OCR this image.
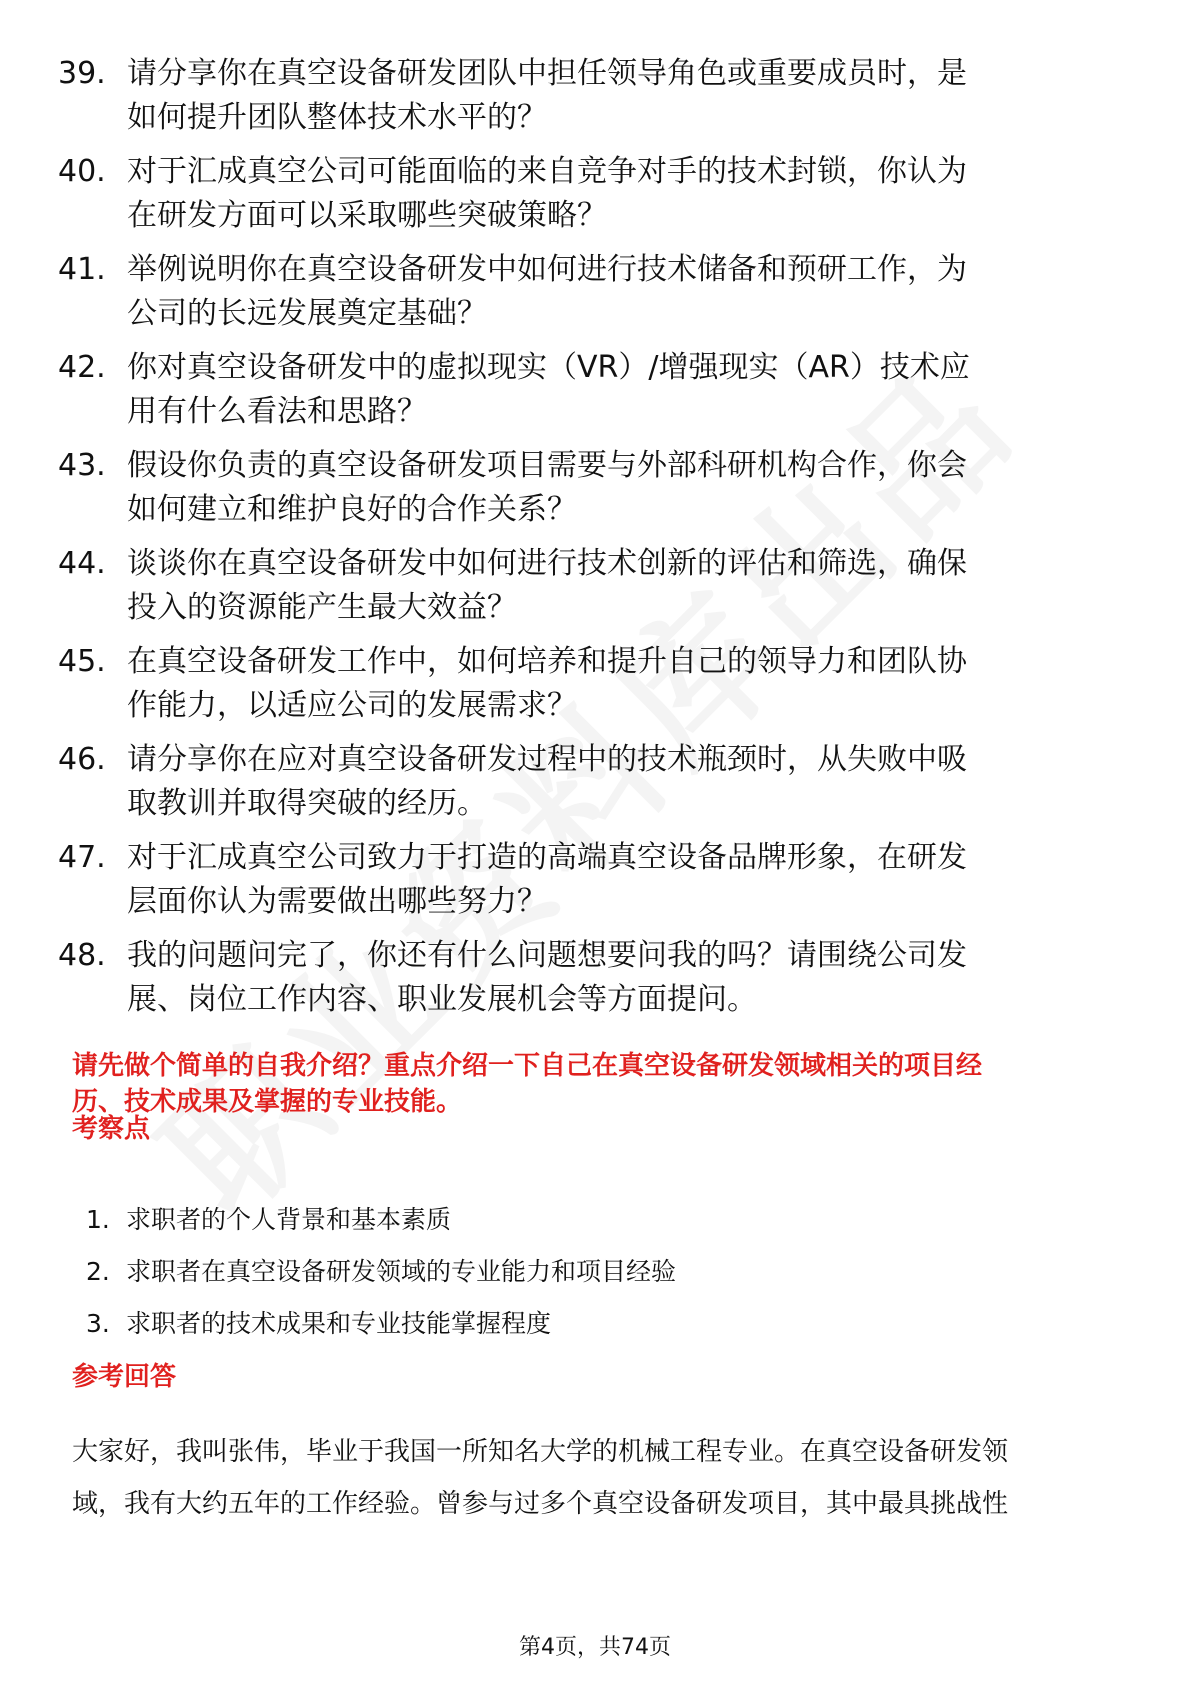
39. 请分享你在真空设备研发团队中担任领导角色或重要成员时，是
如何提升团队整体技术水平的？
40. 对于汇成真空公司可能面临的来自竞争对手的技术封锁，你认为
在研发方面可以采取哪些突破策略？
41. 举例说明你在真空设备研发中如何进行技术储备和预研工作，为
公司的长远发展奠定基础？
42. 你对真空设备研发中的虚拟现实（VR）/增强现实（AR）技术应
用有什么看法和思路？
43. 假设你负责的真空设备研发项目需要与外部科研机构合作，你会
如何建立和维护良好的合作关系？
44. 谈谈你在真空设备研发中如何进行技术创新的评估和筛选，确保
投入的资源能产生最大效益？
45. 在真空设备研发工作中，如何培养和提升自己的领导力和团队协
作能力，以适应公司的发展需求？
46. 请分享你在应对真空设备研发过程中的技术瓶颈时，从失败中吸
取教训并取得突破的经历。
47. 对于汇成真空公司致力于打造的高端真空设备品牌形象，在研发
层面你认为需要做出哪些努力？
48. 我的问题问完了，你还有什么问题想要问我的吗？请围绕公司发
展、岗位工作内容、职业发展机会等方面提问。
请先做个简单的自我介绍？重点介绍一下自己在真空设备研发领域相关的项目经
历、技术成果及掌握的专业技能。
考察点
1. 求职者的个人背景和基本素质
2. 求职者在真空设备研发领域的专业能力和项目经验
3. 求职者的技术成果和专业技能掌握程度
参考回答
大家好，我叫张伟，毕业于我国一所知名大学的机械工程专业。在真空设备研发领
域，我有大约五年的工作经验。曾参与过多个真空设备研发项目，其中最具挑战性
第4页，共74页
